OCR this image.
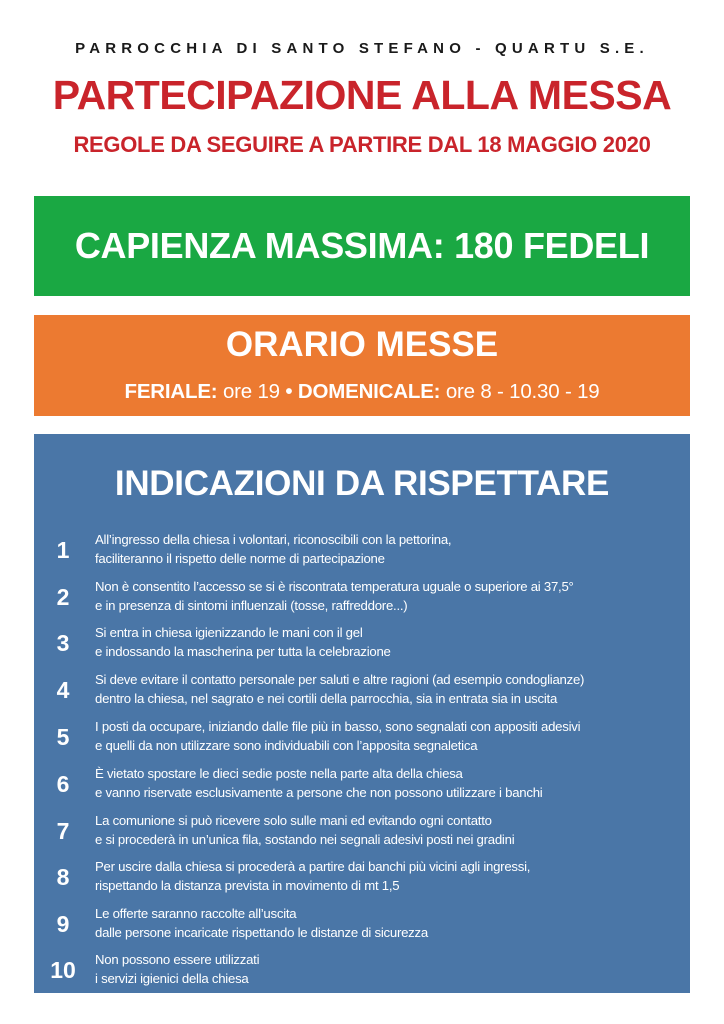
PARROCCHIA DI SANTO STEFANO - QUARTU S.E.
PARTECIPAZIONE ALLA MESSA
REGOLE DA SEGUIRE A PARTIRE DAL 18 MAGGIO 2020
CAPIENZA MASSIMA: 180 FEDELI
ORARIO MESSE
FERIALE: ore 19 • DOMENICALE: ore 8 - 10.30 - 19
INDICAZIONI DA RISPETTARE
1	All’ingresso della chiesa i volontari, riconoscibili con la pettorina,
faciliteranno il rispetto delle norme di partecipazione
2	Non è consentito l’accesso se si è riscontrata temperatura uguale o superiore ai 37,5°
e in presenza di sintomi influenzali (tosse, raffreddore...)
3	Si entra in chiesa igienizzando le mani con il gel
e indossando la mascherina per tutta la celebrazione
4	Si deve evitare il contatto personale per saluti e altre ragioni (ad esempio condoglianze)
dentro la chiesa, nel sagrato e nei cortili della parrocchia, sia in entrata sia in uscita
5	I posti da occupare, iniziando dalle file più in basso, sono segnalati con appositi adesivi
e quelli da non utilizzare sono individuabili con l’apposita segnaletica
6	È vietato spostare le dieci sedie poste nella parte alta della chiesa
e vanno riservate esclusivamente a persone che non possono utilizzare i banchi
7	La comunione si può ricevere solo sulle mani ed evitando ogni contatto
e si procederà in un’unica fila, sostando nei segnali adesivi posti nei gradini
8	Per uscire dalla chiesa si procederà a partire dai banchi più vicini agli ingressi,
rispettando la distanza prevista in movimento di mt 1,5
9	Le offerte saranno raccolte all’uscita
dalle persone incaricate rispettando le distanze di sicurezza
10 Non possono essere utilizzati
i servizi igienici della chiesa
